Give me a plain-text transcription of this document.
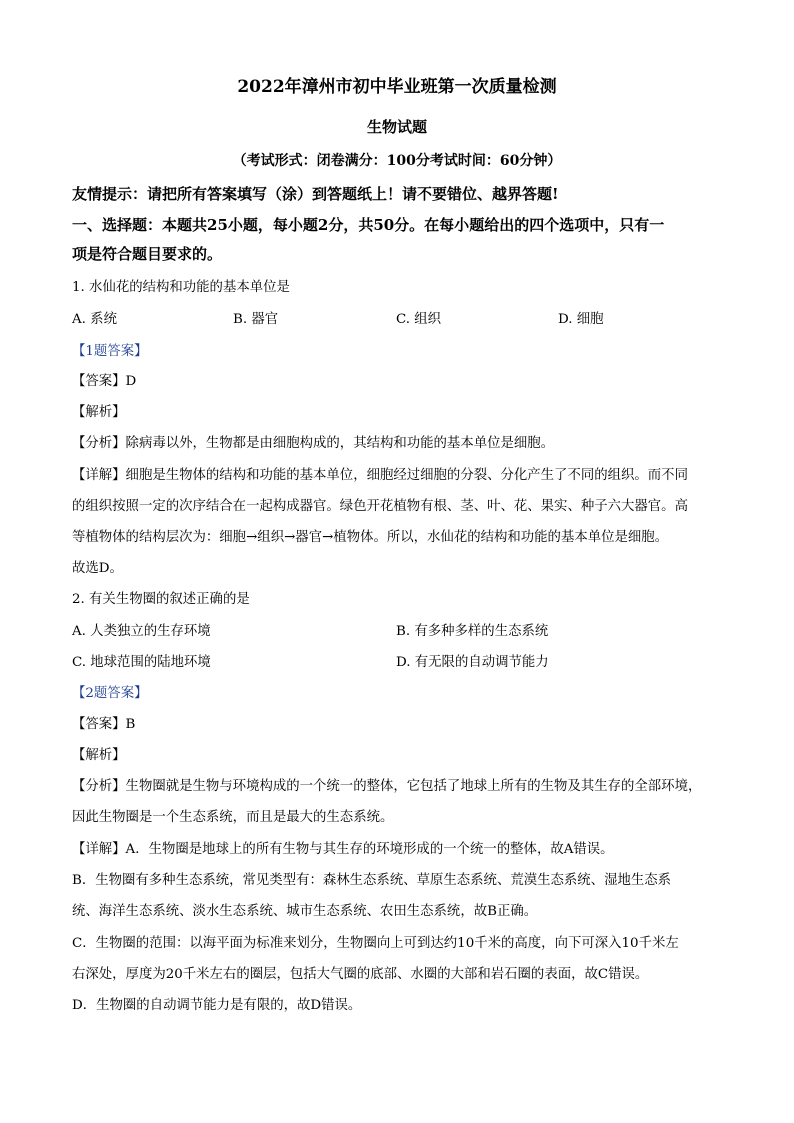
2022年漳州市初中毕业班第一次质量检测
生物试题
（考试形式：闭卷满分：100分考试时间：60分钟）
友情提示：请把所有答案填写（涂）到答题纸上！请不要错位、越界答题!
一、选择题：本题共25小题，每小题2分，共50分。在每小题给出的四个选项中，只有一
项是符合题目要求的。
1. 水仙花的结构和功能的基本单位是
A. 系统	B. 器官	C. 组织	D. 细胞
【1题答案】
【答案】D
【解析】
【分析】除病毒以外，生物都是由细胞构成的，其结构和功能的基本单位是细胞。
【详解】细胞是生物体的结构和功能的基本单位，细胞经过细胞的分裂、分化产生了不同的组织。而不同
的组织按照一定的次序结合在一起构成器官。绿色开花植物有根、茎、叶、花、果实、种子六大器官。高
等植物体的结构层次为：细胞→组织→器官→植物体。所以，水仙花的结构和功能的基本单位是细胞。
故选D。
2. 有关生物圈的叙述正确的是
A. 人类独立的生存环境	B. 有多种多样的生态系统
C. 地球范围的陆地环境	D. 有无限的自动调节能力
【2题答案】
【答案】B
【解析】
【分析】生物圈就是生物与环境构成的一个统一的整体，它包括了地球上所有的生物及其生存的全部环境，
因此生物圈是一个生态系统，而且是最大的生态系统。
【详解】A．生物圈是地球上的所有生物与其生存的环境形成的一个统一的整体，故A错误。
B．生物圈有多种生态系统，常见类型有：森林生态系统、草原生态系统、荒漠生态系统、湿地生态系
统、海洋生态系统、淡水生态系统、城市生态系统、农田生态系统，故B正确。
C．生物圈的范围：以海平面为标准来划分，生物圈向上可到达约10千米的高度，向下可深入10千米左
右深处，厚度为20千米左右的圈层，包括大气圈的底部、水圈的大部和岩石圈的表面，故C错误。
D．生物圈的自动调节能力是有限的，故D错误。
